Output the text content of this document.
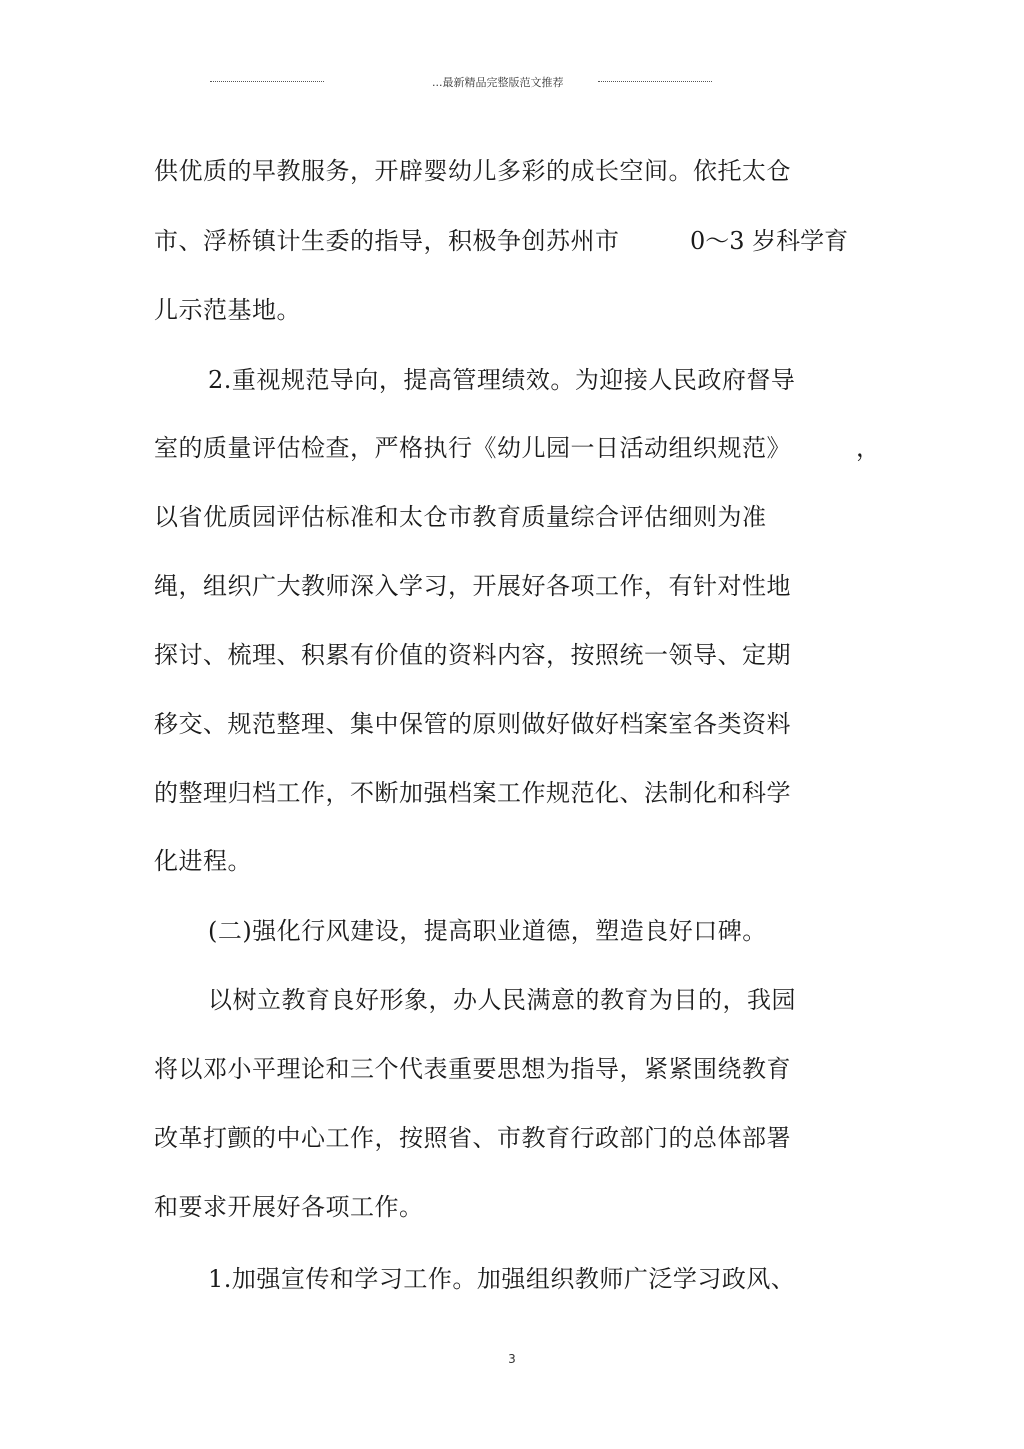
...最新精品完整版范文推荐
供优质的早教服务，开辟婴幼儿多彩的成长空间。依托太仓
市、浮桥镇计生委的指导，积极争创苏州市	0～3 岁科学育
儿示范基地。
2.重视规范导向，提高管理绩效。为迎接人民政府督导
室的质量评估检查，严格执行《幼儿园一日活动组织规范》	，
以省优质园评估标准和太仓市教育质量综合评估细则为准
绳，组织广大教师深入学习，开展好各项工作，有针对性地
探讨、梳理、积累有价值的资料内容，按照统一领导、定期
移交、规范整理、集中保管的原则做好做好档案室各类资料
的整理归档工作，不断加强档案工作规范化、法制化和科学
化进程。
(二)强化行风建设，提高职业道德，塑造良好口碑。
以树立教育良好形象，办人民满意的教育为目的，我园
将以邓小平理论和三个代表重要思想为指导，紧紧围绕教育
改革打颤的中心工作，按照省、市教育行政部门的总体部署
和要求开展好各项工作。
1.加强宣传和学习工作。加强组织教师广泛学习政风、
3
